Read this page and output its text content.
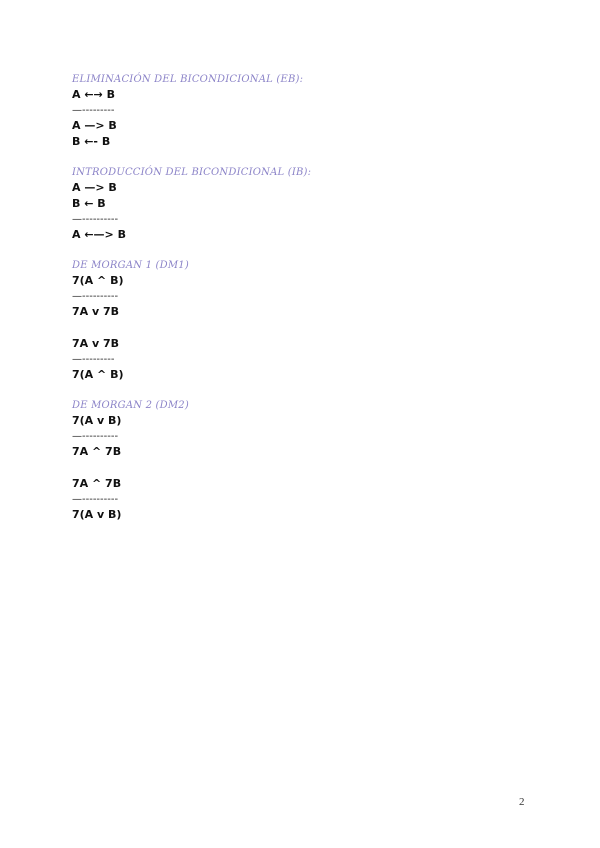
ELIMINACIÓN DEL BICONDICIONAL (EB):
A ←→ B
—---------
A —> B
B ←- B
INTRODUCCIÓN DEL BICONDICIONAL (IB):
A —> B
B ← B
—----------
A ←—> B
DE MORGAN 1 (DM1)
7(A ^ B)
—----------
7A v 7B
7A v 7B
—---------
7(A ^ B)
DE MORGAN 2 (DM2)
7(A v B)
—----------
7A ^ 7B
7A ^ 7B
—----------
7(A v B)
2
